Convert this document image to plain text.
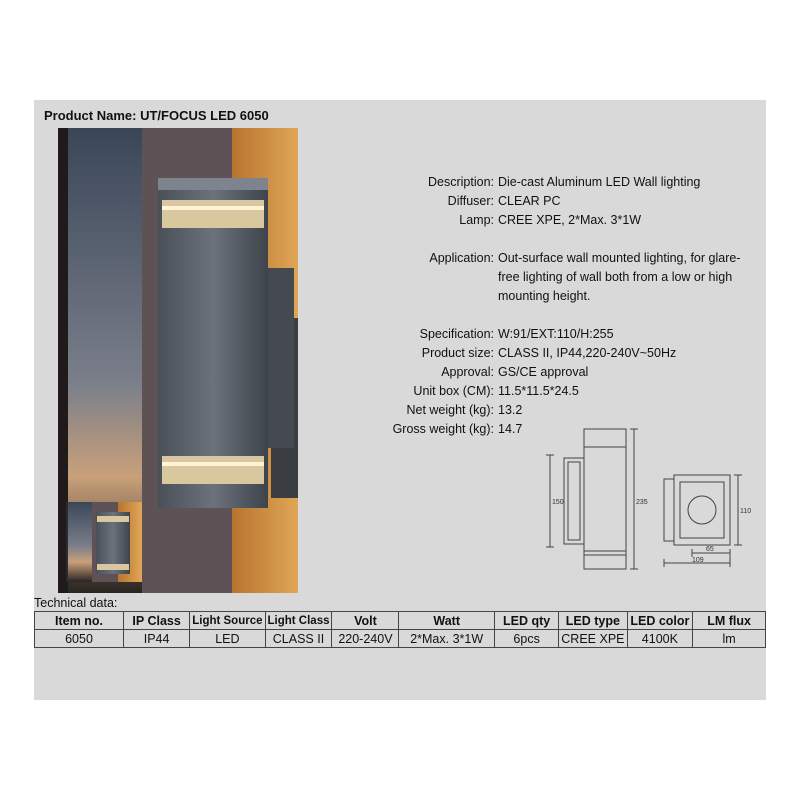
Product Name: UT/FOCUS LED 6050
Description: Die-cast Aluminum LED Wall lighting
Diffuser: CLEAR PC
Lamp: CREE XPE, 2*Max. 3*1W
Application: Out-surface wall mounted lighting, for glare-
free lighting of wall both from a low or high
mounting height.
Specification: W:91/EXT:110/H:255
Product size: CLASS II, IP44,220-240V~50Hz
Approval: GS/CE approval
Unit box (CM): 11.5*11.5*24.5
Net weight (kg): 13.2
Gross weight (kg): 14.7
150	235
110
65
109
Technical data:
Item no.	IP Class	Light Source	Light Class	Volt	Watt	LED qty	LED type	LED color	LM flux
6050	IP44	LED	CLASS II	220-240V	2*Max. 3*1W	6pcs	CREE XPE	4100K	lm
